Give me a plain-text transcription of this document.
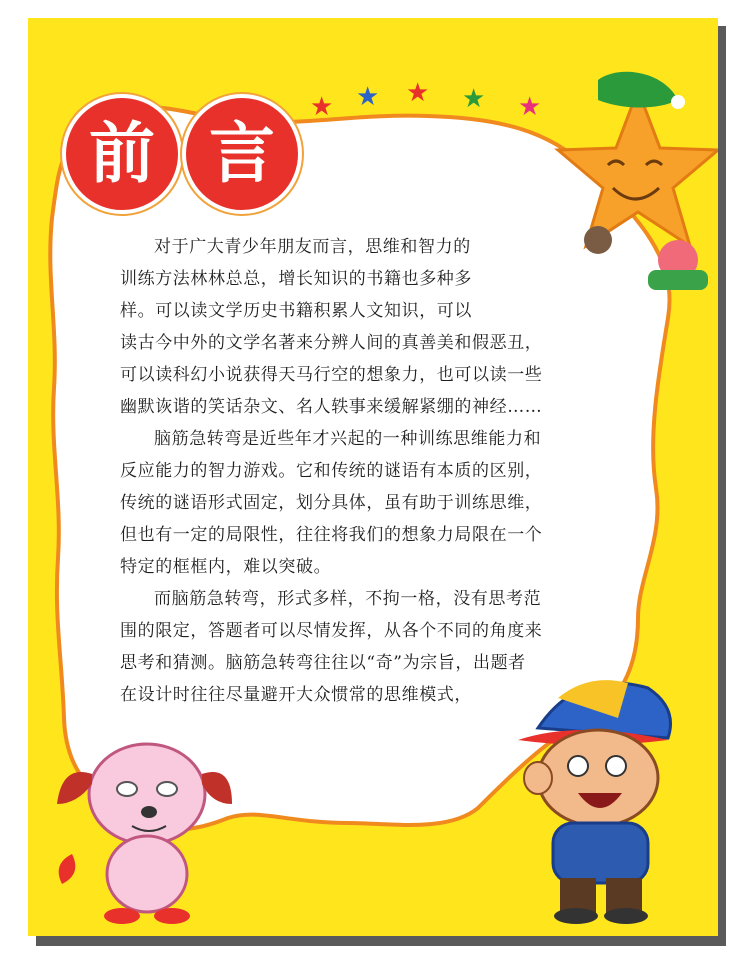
★ ★ ★ ★ ★
前 言
对于广大青少年朋友而言，思维和智力的
训练方法林林总总，增长知识的书籍也多种多
样。可以读文学历史书籍积累人文知识，可以
读古今中外的文学名著来分辨人间的真善美和假恶丑，
可以读科幻小说获得天马行空的想象力，也可以读一些
幽默诙谐的笑话杂文、名人轶事来缓解紧绷的神经……
脑筋急转弯是近些年才兴起的一种训练思维能力和
反应能力的智力游戏。它和传统的谜语有本质的区别，
传统的谜语形式固定，划分具体，虽有助于训练思维，
但也有一定的局限性，往往将我们的想象力局限在一个
特定的框框内，难以突破。
而脑筋急转弯，形式多样，不拘一格，没有思考范
围的限定，答题者可以尽情发挥，从各个不同的角度来
思考和猜测。脑筋急转弯往往以“奇”为宗旨，出题者
在设计时往往尽量避开大众惯常的思维模式，
